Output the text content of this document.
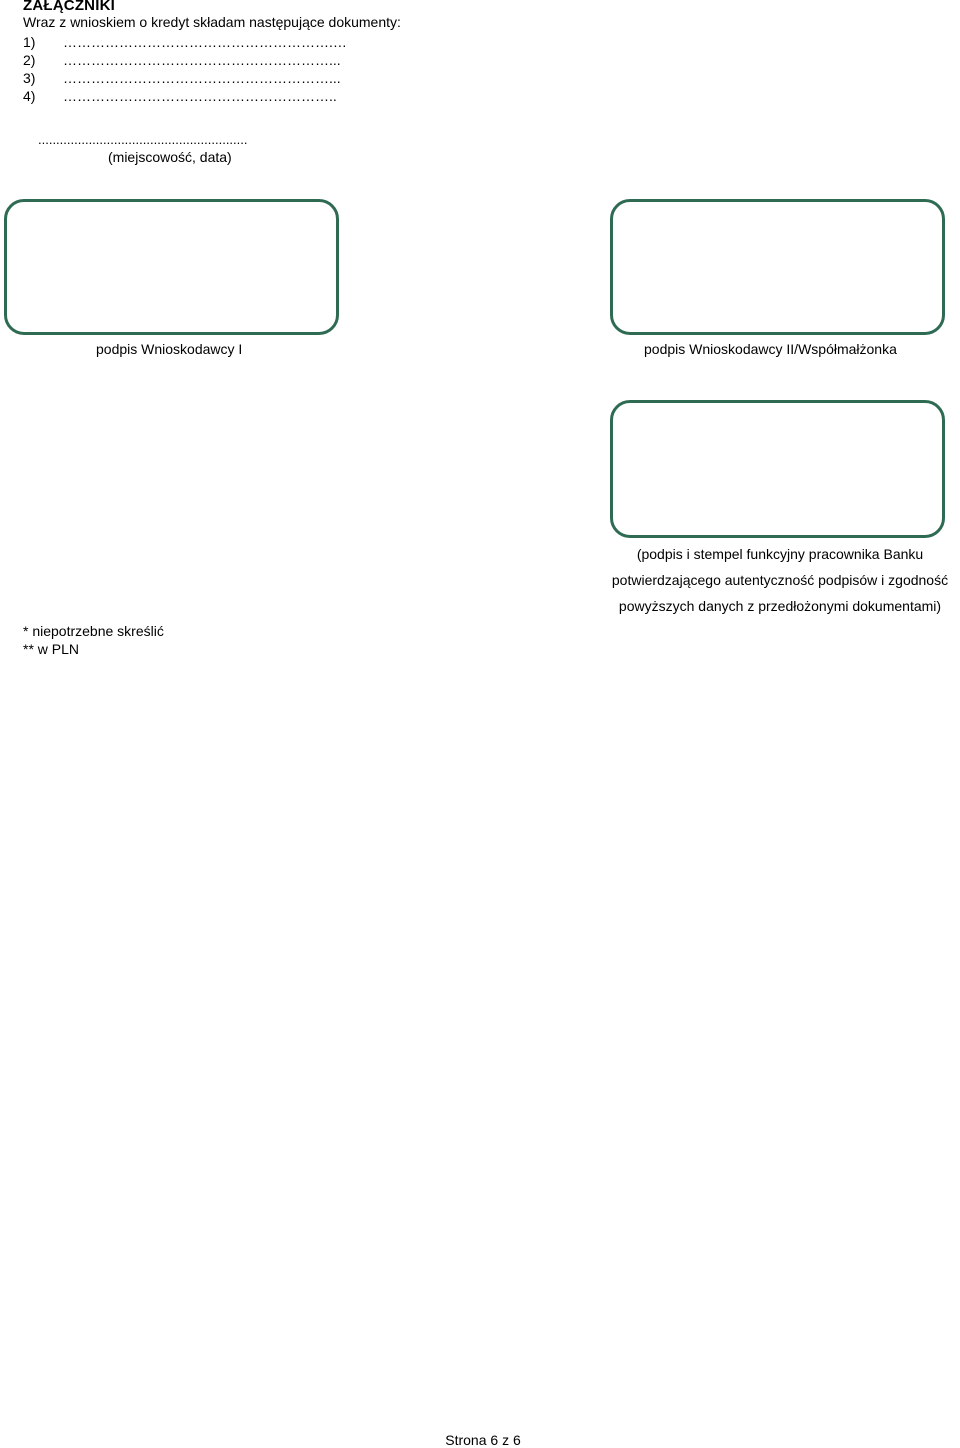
ZAŁĄCZNIKI
Wraz z wnioskiem o kredyt składam następujące dokumenty:
1) ………………………………………………….…
2) …………………………………………………...
3) …………………………………………………...
4) …………………………………………………..
..........................................................
(miejscowość, data)
podpis Wnioskodawcy I	podpis Wnioskodawcy II/Współmałżonka
(podpis i stempel funkcyjny pracownika Banku
potwierdzającego autentyczność podpisów i zgodność
powyższych danych z przedłożonymi dokumentami)
* niepotrzebne skreślić
** w PLN
Strona 6 z 6
